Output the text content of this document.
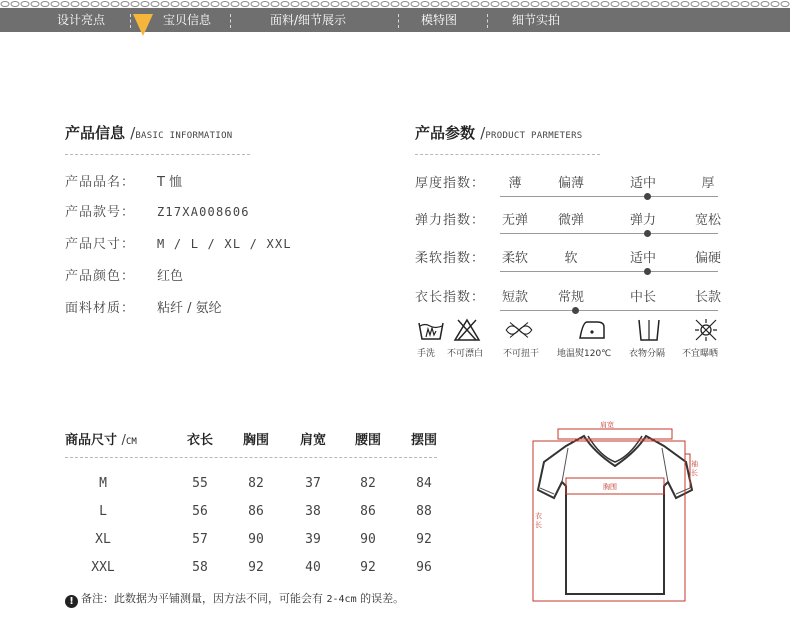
设计亮点	宝贝信息	面料/细节展示	模特图	细节实拍
产品信息 /BASIC INFORMATION
产品品名： T 恤
产品款号： Z17XA008606
产品尺寸： M / L / XL / XXL
产品颜色： 红色
面料材质： 粘纤 / 氨纶
产品参数 /PRODUCT PARMETERS
厚度指数：	薄	偏薄	适中	厚
弹力指数：	无弹	微弹	弹力	宽松
柔软指数：	柔软	软	适中	偏硬
衣长指数：	短款	常规	中长	长款
手洗 不可漂白 不可扭干 地温熨120℃ 衣物分隔 不宜曝晒
商品尺寸 /CM	衣长	胸围	肩宽	腰围	摆围
M	55	82	37	82	84
L	56	86	38	86	88
XL	57	90	39	90	92
XXL	58	92	40	92	96
! 备注：此数据为平铺测量，因方法不同，可能会有 2-4cm 的误差。
肩宽
胸围
衣长
袖长
